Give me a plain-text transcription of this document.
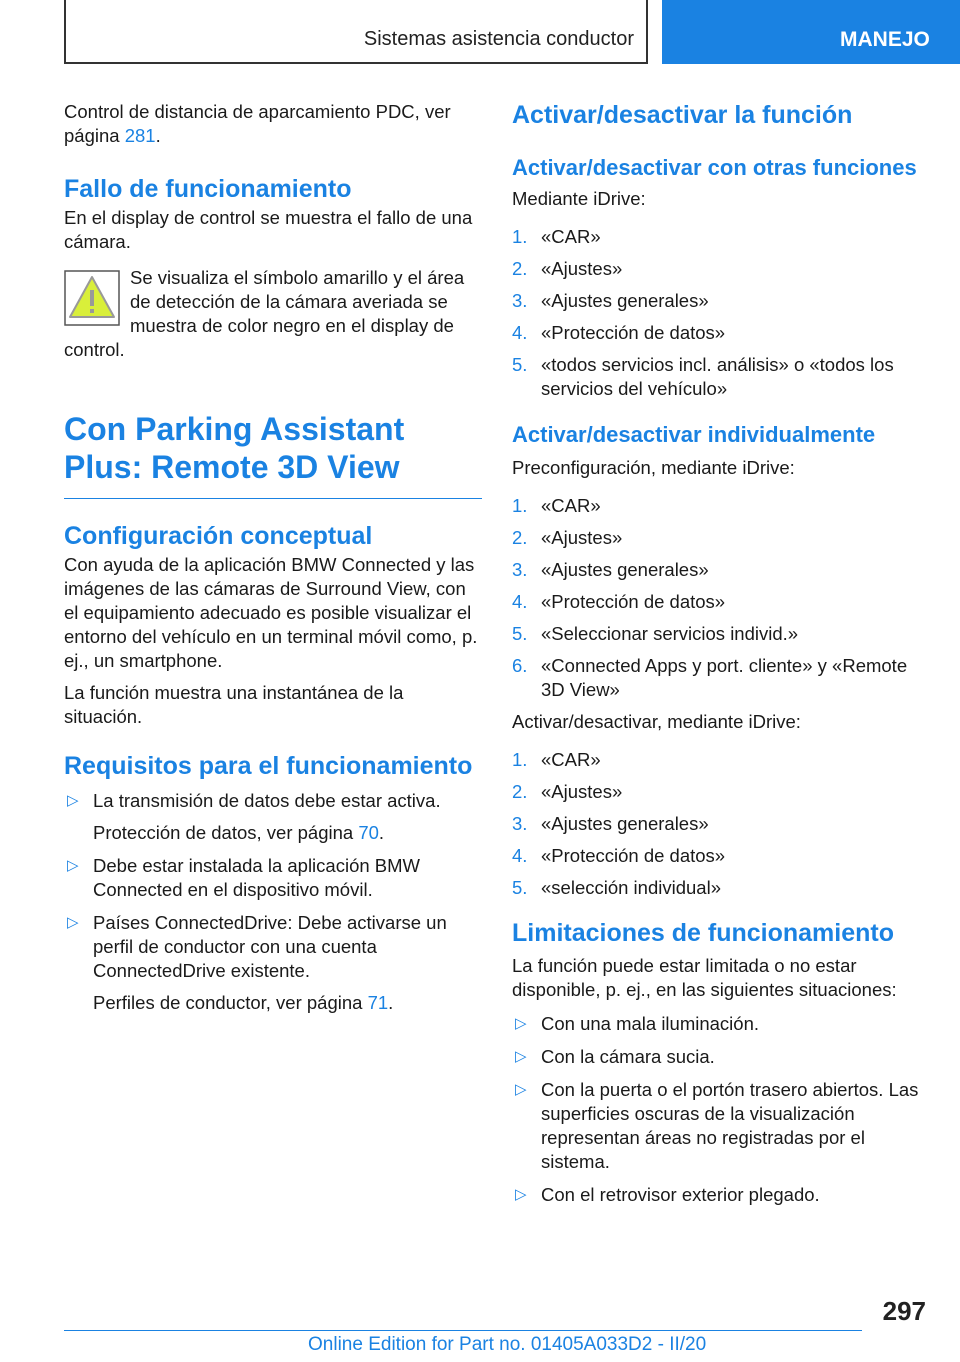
Sistemas asistencia conductor	MANEJO

Control de distancia de aparcamiento PDC, ver página 281.

Fallo de funcionamiento

En el display de control se muestra el fallo de una cámara.

Se visualiza el símbolo amarillo y el área de detección de la cámara averiada se muestra de color negro en el display de

control.

Con Parking Assistant Plus: Remote 3D View
Configuración conceptual

Con ayuda de la aplicación BMW Connected y las imágenes de las cámaras de Surround View, con el equipamiento adecuado es posible visualizar el entorno del vehículo en un terminal móvil como, p. ej., un smartphone.

La función muestra una instantánea de la situación.

Requisitos para el funcionamiento
▷ La transmisión de datos debe estar activa.
Protección de datos, ver página 70.
▷ Debe estar instalada la aplicación BMW Connected en el dispositivo móvil.
▷ Países ConnectedDrive: Debe activarse un perfil de conductor con una cuenta ConnectedDrive existente.
Perfiles de conductor, ver página 71.
Activar/desactivar la función
Activar/desactivar con otras funciones

Mediante iDrive:

1. «CAR»
2. «Ajustes»
3. «Ajustes generales»
4. «Protección de datos»
5. «todos servicios incl. análisis» o «todos los servicios del vehículo»
Activar/desactivar individualmente

Preconfiguración, mediante iDrive:

1. «CAR»
2. «Ajustes»
3. «Ajustes generales»
4. «Protección de datos»
5. «Seleccionar servicios individ.»
6. «Connected Apps y port. cliente» y «Remote 3D View»

Activar/desactivar, mediante iDrive:

1. «CAR»
2. «Ajustes»
3. «Ajustes generales»
4. «Protección de datos»
5. «selección individual»
Limitaciones de funcionamiento

La función puede estar limitada o no estar disponible, p. ej., en las siguientes situaciones:

▷ Con una mala iluminación.
▷ Con la cámara sucia.
▷ Con la puerta o el portón trasero abiertos. Las superficies oscuras de la visualización representan áreas no registradas por el sistema.
▷ Con el retrovisor exterior plegado.
297
Online Edition for Part no. 01405A033D2 - II/20
